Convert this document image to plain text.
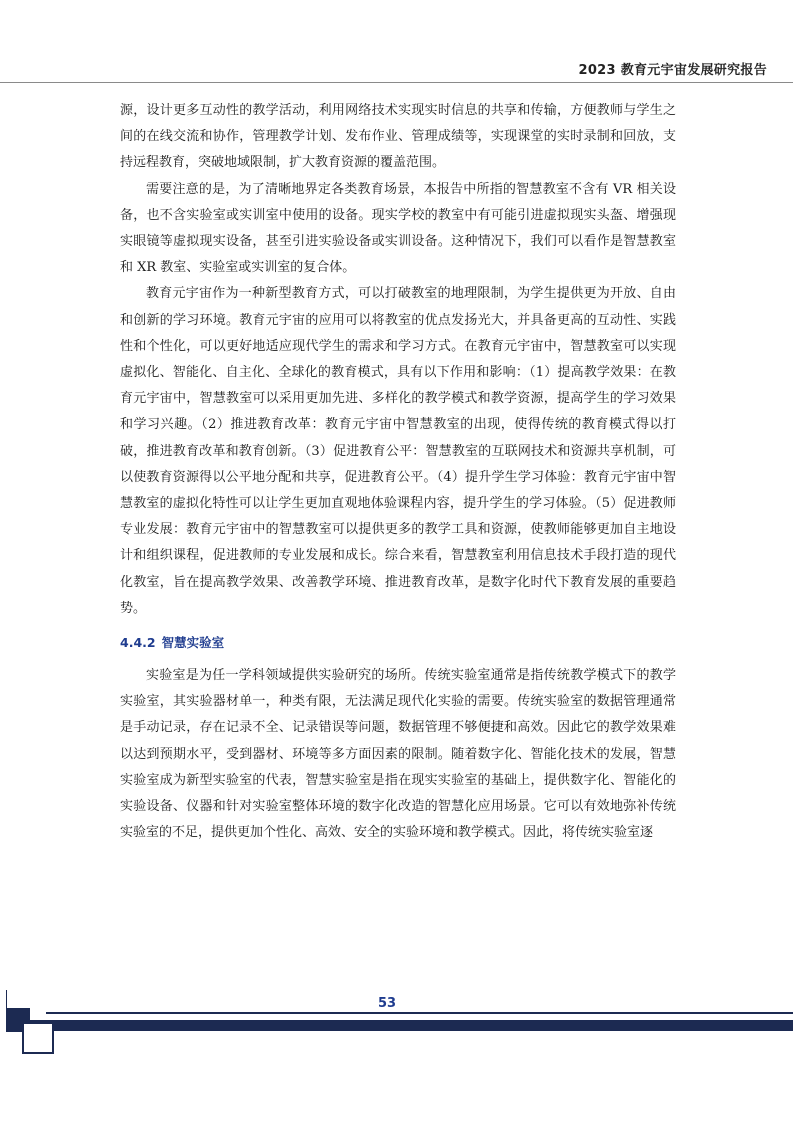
2023 教育元宇宙发展研究报告

源，设计更多互动性的教学活动，利用网络技术实现实时信息的共享和传输，方便教师与学生之间的在线交流和协作，管理教学计划、发布作业、管理成绩等，实现课堂的实时录制和回放，支持远程教育，突破地域限制，扩大教育资源的覆盖范围。

需要注意的是，为了清晰地界定各类教育场景，本报告中所指的智慧教室不含有 VR 相关设备，也不含实验室或实训室中使用的设备。现实学校的教室中有可能引进虚拟现实头盔、增强现实眼镜等虚拟现实设备，甚至引进实验设备或实训设备。这种情况下，我们可以看作是智慧教室和 XR 教室、实验室或实训室的复合体。

教育元宇宙作为一种新型教育方式，可以打破教室的地理限制，为学生提供更为开放、自由和创新的学习环境。教育元宇宙的应用可以将教室的优点发扬光大，并具备更高的互动性、实践性和个性化，可以更好地适应现代学生的需求和学习方式。在教育元宇宙中，智慧教室可以实现虚拟化、智能化、自主化、全球化的教育模式，具有以下作用和影响：（1）提高教学效果：在教育元宇宙中，智慧教室可以采用更加先进、多样化的教学模式和教学资源，提高学生的学习效果和学习兴趣。（2）推进教育改革：教育元宇宙中智慧教室的出现，使得传统的教育模式得以打破，推进教育改革和教育创新。（3）促进教育公平：智慧教室的互联网技术和资源共享机制，可以使教育资源得以公平地分配和共享，促进教育公平。（4）提升学生学习体验：教育元宇宙中智慧教室的虚拟化特性可以让学生更加直观地体验课程内容，提升学生的学习体验。（5）促进教师专业发展：教育元宇宙中的智慧教室可以提供更多的教学工具和资源，使教师能够更加自主地设计和组织课程，促进教师的专业发展和成长。综合来看，智慧教室利用信息技术手段打造的现代化教室，旨在提高教学效果、改善教学环境、推进教育改革，是数字化时代下教育发展的重要趋势。

4.4.2 智慧实验室

实验室是为任一学科领域提供实验研究的场所。传统实验室通常是指传统教学模式下的教学实验室，其实验器材单一，种类有限，无法满足现代化实验的需要。传统实验室的数据管理通常是手动记录，存在记录不全、记录错误等问题，数据管理不够便捷和高效。因此它的教学效果难以达到预期水平，受到器材、环境等多方面因素的限制。随着数字化、智能化技术的发展，智慧实验室成为新型实验室的代表，智慧实验室是指在现实实验室的基础上，提供数字化、智能化的实验设备、仪器和针对实验室整体环境的数字化改造的智慧化应用场景。它可以有效地弥补传统实验室的不足，提供更加个性化、高效、安全的实验环境和教学模式。因此，将传统实验室逐

53
